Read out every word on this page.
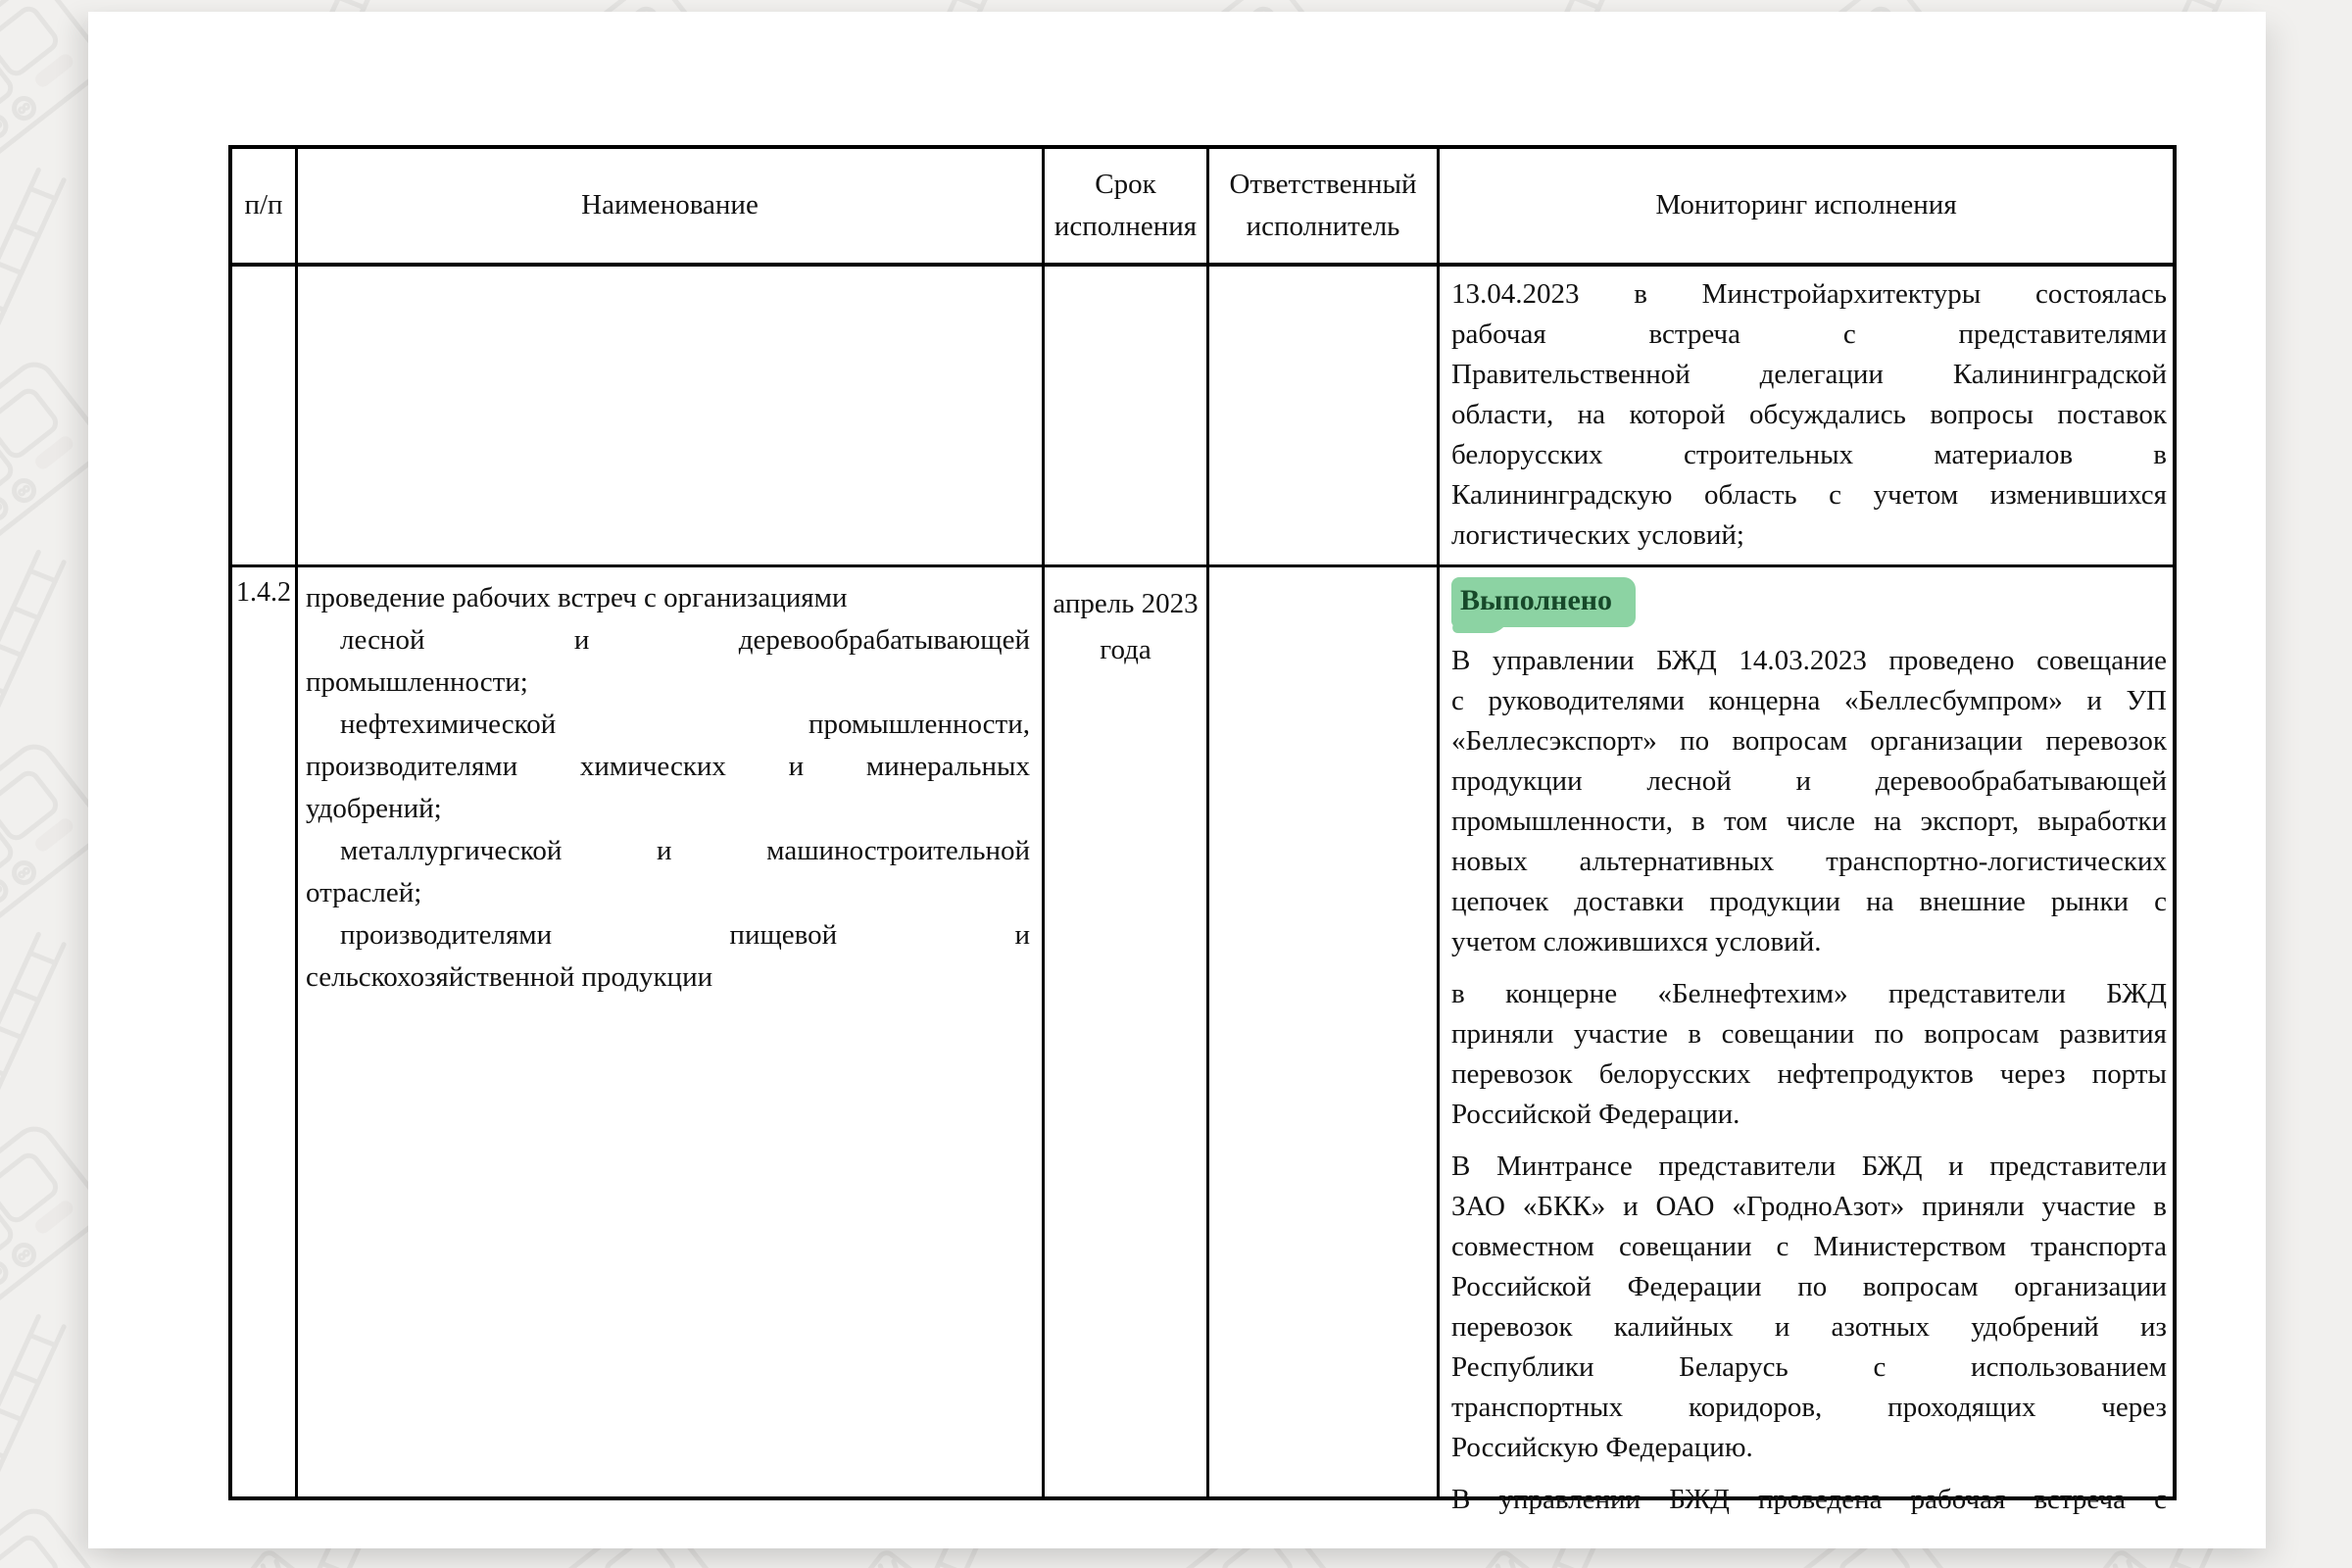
п/п	Наименование
Срок исполнения
Ответственный исполнитель
Мониторинг исполнения
13.04.2023 в Минстройархитектуры состоялась
рабочая встреча с представителями
Правительственной делегации Калининградской
области, на которой обсуждались вопросы поставок
белорусских строительных материалов в
Калининградскую область с учетом изменившихся
логистических условий;
1.4.2 проведение рабочих встреч с организациями
лесной и деревообрабатывающей
промышленности;
нефтехимической промышленности,
производителями химических и минеральных
удобрений;
металлургической и машиностроительной
отраслей;
производителями пищевой и
сельскохозяйственной продукции
апрель 2023 года
Выполнено
В управлении БЖД 14.03.2023 проведено совещание
с руководителями концерна «Беллесбумпром» и УП
«Беллесэкспорт» по вопросам организации перевозок
продукции лесной и деревообрабатывающей
промышленности, в том числе на экспорт, выработки
новых альтернативных транспортно-логистических
цепочек доставки продукции на внешние рынки с
учетом сложившихся условий.
в концерне «Белнефтехим» представители БЖД
приняли участие в совещании по вопросам развития
перевозок белорусских нефтепродуктов через порты
Российской Федерации.
В Минтрансе представители БЖД и представители
ЗАО «БКК» и ОАО «ГродноАзот» приняли участие в
совместном совещании с Министерством транспорта
Российской Федерации по вопросам организации
перевозок калийных и азотных удобрений из
Республики Беларусь с использованием
транспортных коридоров, проходящих через
Российскую Федерацию.
В управлении БЖД проведена рабочая встреча с
